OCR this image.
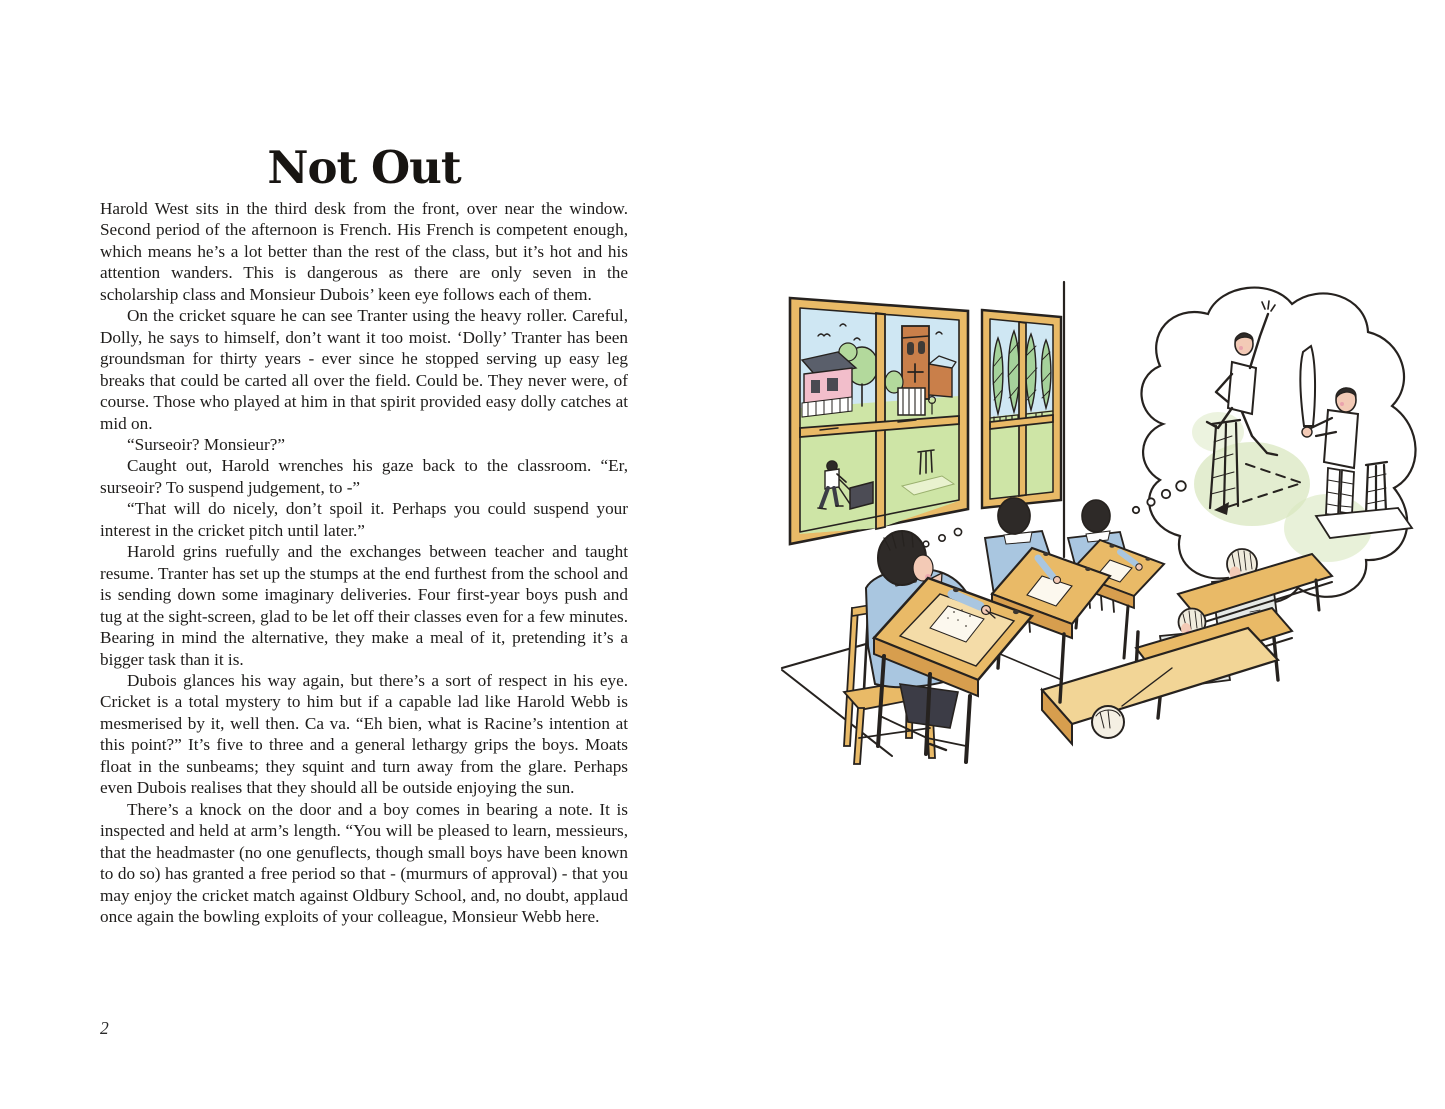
Not Out

Harold West sits in the third desk from the front, over near the window. Second period of the afternoon is French. His French is competent enough, which means he’s a lot better than the rest of the class, but it’s hot and his attention wanders. This is dangerous as there are only seven in the scholarship class and Monsieur Dubois’ keen eye follows each of them.

On the cricket square he can see Tranter using the heavy roller. Careful, Dolly, he says to himself, don’t want it too moist. ‘Dolly’ Tranter has been groundsman for thirty years - ever since he stopped serving up easy leg breaks that could be carted all over the field. Could be. They never were, of course. Those who played at him in that spirit provided easy dolly catches at mid on.

“Surseoir? Monsieur?”

Caught out, Harold wrenches his gaze back to the classroom. “Er, surseoir? To suspend judgement, to -”

“That will do nicely, don’t spoil it. Perhaps you could suspend your interest in the cricket pitch until later.”

Harold grins ruefully and the exchanges between teacher and taught resume. Tranter has set up the stumps at the end furthest from the school and is sending down some imaginary deliveries. Four first-year boys push and tug at the sight-screen, glad to be let off their classes even for a few minutes. Bearing in mind the alternative, they make a meal of it, pretending it’s a bigger task than it is.

Dubois glances his way again, but there’s a sort of respect in his eye. Cricket is a total mystery to him but if a capable lad like Harold Webb is mesmerised by it, well then. Ca va. “Eh bien, what is Racine’s intention at this point?” It’s five to three and a general lethargy grips the boys. Moats float in the sunbeams; they squint and turn away from the glare. Perhaps even Dubois realises that they should all be outside enjoying the sun.

There’s a knock on the door and a boy comes in bearing a note. It is inspected and held at arm’s length. “You will be pleased to learn, messieurs, that the headmaster (no one genuflects, though small boys have been known to do so) has granted a free period so that - (murmurs of approval) - that you may enjoy the cricket match against Oldbury School, and, no doubt, applaud once again the bowling exploits of your colleague, Monsieur Webb here.

2
